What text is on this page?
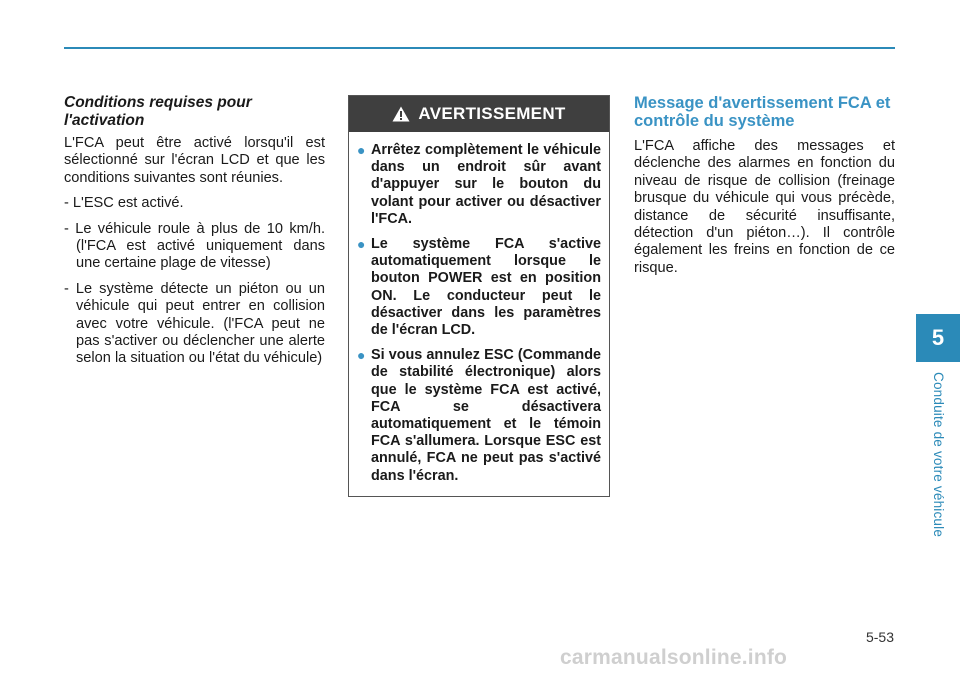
Conditions requises pour l'activation

L'FCA peut être activé lorsqu'il est sélectionné sur l'écran LCD et que les conditions suivantes sont réunies.

- L'ESC est activé.
- Le véhicule roule à plus de 10 km/h. (l'FCA est activé uniquement dans une certaine plage de vitesse)
- Le système détecte un piéton ou un véhicule qui peut entrer en collision avec votre véhicule. (l'FCA peut ne pas s'activer ou déclencher une alerte selon la situation ou l'état du véhicule)
AVERTISSEMENT
● Arrêtez complètement le véhicule dans un endroit sûr avant d'appuyer sur le bouton du volant pour activer ou désactiver l'FCA.
● Le système FCA s'active automatiquement lorsque le bouton POWER est en position ON. Le conducteur peut le désactiver dans les paramètres de l'écran LCD.
● Si vous annulez ESC (Commande de stabilité électronique) alors que le système FCA est activé, FCA se désactivera automatiquement et le témoin FCA s'allumera. Lorsque ESC est annulé, FCA ne peut pas s'activé dans l'écran.
Message d'avertissement FCA et contrôle du système

L'FCA affiche des messages et déclenche des alarmes en fonction du niveau de risque de collision (freinage brusque du véhicule qui vous précède, distance de sécurité insuffisante, détection d'un piéton…). Il contrôle également les freins en fonction de ce risque.

5
Conduite de votre véhicule
5-53
carmanualsonline.info
